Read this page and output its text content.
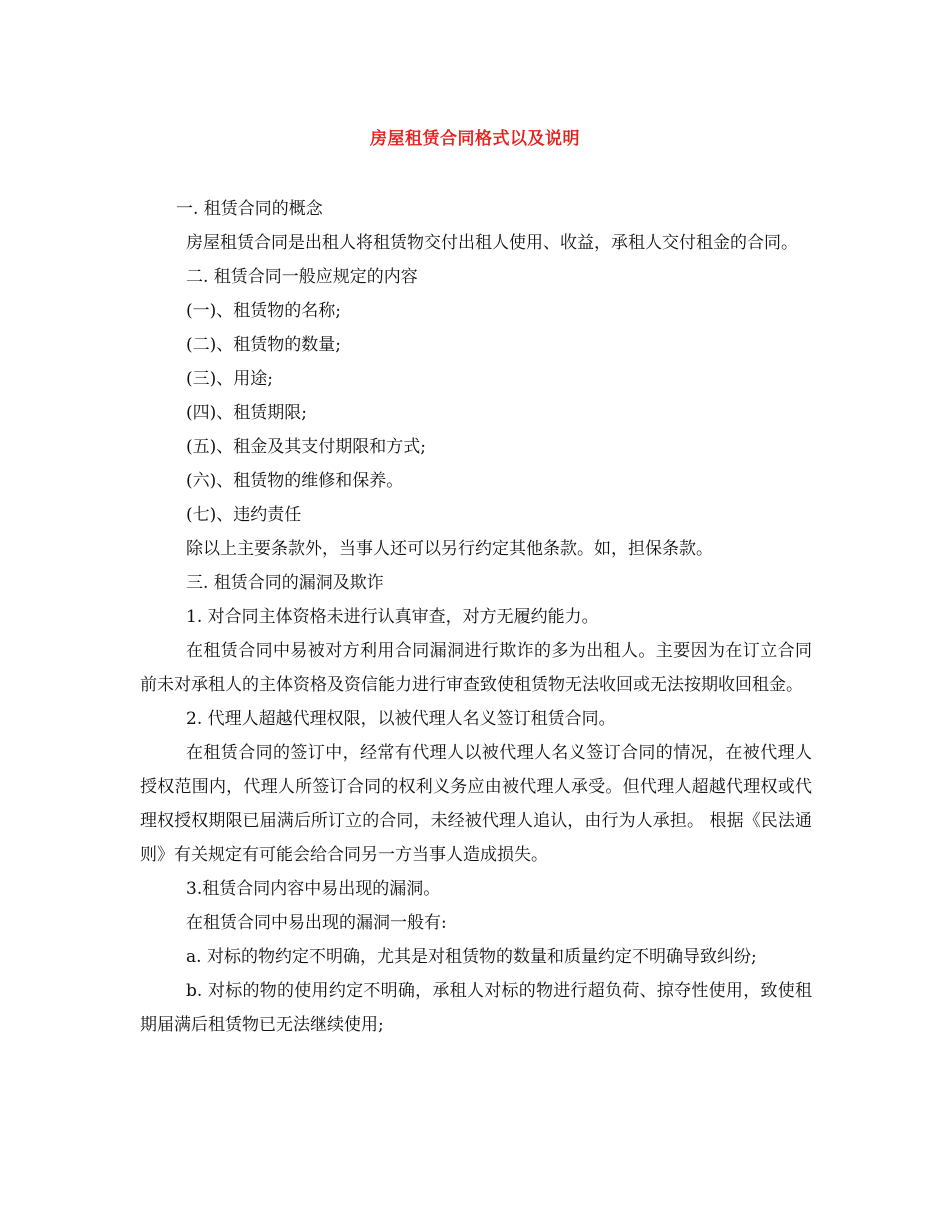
房屋租赁合同格式以及说明

一. 租赁合同的概念

房屋租赁合同是出租人将租赁物交付出租人使用、收益，承租人交付租金的合同。

二. 租赁合同一般应规定的内容

(一)、租赁物的名称;

(二)、租赁物的数量;

(三)、用途;

(四)、租赁期限;

(五)、租金及其支付期限和方式;

(六)、租赁物的维修和保养。

(七)、违约责任

除以上主要条款外，当事人还可以另行约定其他条款。如，担保条款。

三. 租赁合同的漏洞及欺诈

1. 对合同主体资格未进行认真审查，对方无履约能力。

在租赁合同中易被对方利用合同漏洞进行欺诈的多为出租人。主要因为在订立合同前未对承租人的主体资格及资信能力进行审查致使租赁物无法收回或无法按期收回租金。

2. 代理人超越代理权限，以被代理人名义签订租赁合同。

在租赁合同的签订中，经常有代理人以被代理人名义签订合同的情况，在被代理人授权范围内，代理人所签订合同的权利义务应由被代理人承受。但代理人超越代理权或代理权授权期限已届满后所订立的合同，未经被代理人追认，由行为人承担。 根据《民法通则》有关规定有可能会给合同另一方当事人造成损失。

3.租赁合同内容中易出现的漏洞。

在租赁合同中易出现的漏洞一般有:

a. 对标的物约定不明确，尤其是对租赁物的数量和质量约定不明确导致纠纷;

b. 对标的物的使用约定不明确，承租人对标的物进行超负荷、掠夺性使用，致使租期届满后租赁物已无法继续使用;
